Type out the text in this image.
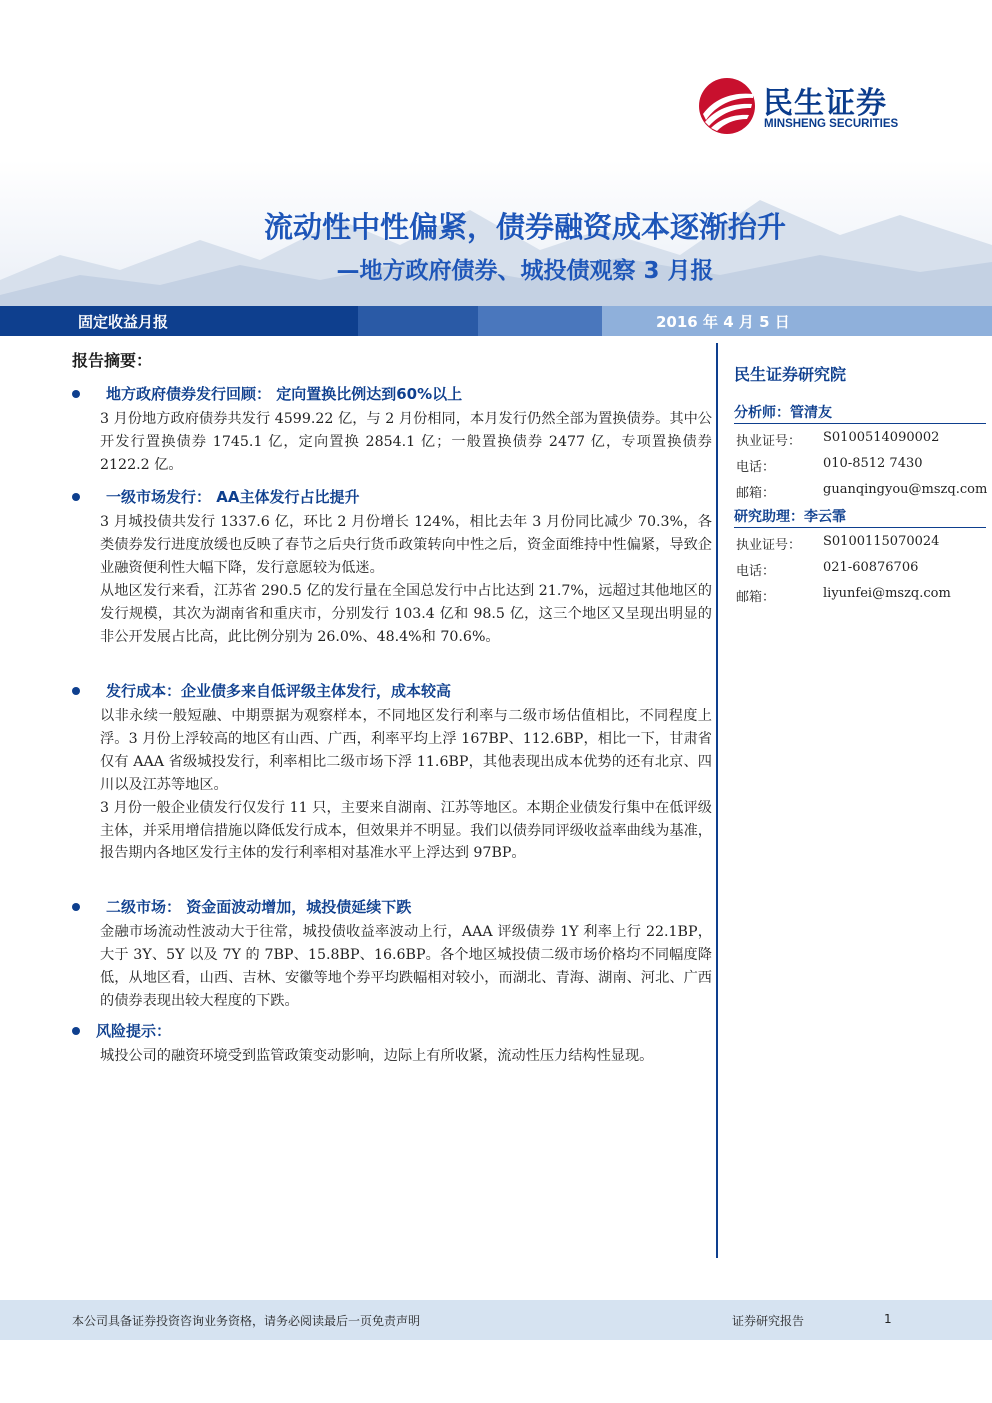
民生证券
MINSHENG SECURITIES
流动性中性偏紧，债券融资成本逐渐抬升
—地方政府债券、城投债观察 3 月报
固定收益月报	2016 年 4 月 5 日
报告摘要：
地方政府债券发行回顾： 定向置换比例达到60%以上

3 月份地方政府债券共发行 4599.22 亿，与 2 月份相同，本月发行仍然全部为置换债券。其中公开发行置换债券 1745.1 亿，定向置换 2854.1 亿；一般置换债券 2477 亿，专项置换债券 2122.2 亿。

一级市场发行： AA主体发行占比提升

3 月城投债共发行 1337.6 亿，环比 2 月份增长 124%，相比去年 3 月份同比减少 70.3%，各类债券发行进度放缓也反映了春节之后央行货币政策转向中性之后，资金面维持中性偏紧，导致企业融资便利性大幅下降，发行意愿较为低迷。

从地区发行来看，江苏省 290.5 亿的发行量在全国总发行中占比达到 21.7%，远超过其他地区的发行规模，其次为湖南省和重庆市，分别发行 103.4 亿和 98.5 亿，这三个地区又呈现出明显的非公开发展占比高，此比例分别为 26.0%、48.4%和 70.6%。

发行成本：企业债多来自低评级主体发行，成本较高

以非永续一般短融、中期票据为观察样本，不同地区发行利率与二级市场估值相比，不同程度上浮。3 月份上浮较高的地区有山西、广西，利率平均上浮 167BP、112.6BP，相比一下，甘肃省仅有 AAA 省级城投发行，利率相比二级市场下浮 11.6BP，其他表现出成本优势的还有北京、四川以及江苏等地区。

3 月份一般企业债发行仅发行 11 只，主要来自湖南、江苏等地区。本期企业债发行集中在低评级主体，并采用增信措施以降低发行成本，但效果并不明显。我们以债券同评级收益率曲线为基准，报告期内各地区发行主体的发行利率相对基准水平上浮达到 97BP。

二级市场： 资金面波动增加，城投债延续下跌

金融市场流动性波动大于往常，城投债收益率波动上行，AAA 评级债券 1Y 利率上行 22.1BP，大于 3Y、5Y 以及 7Y 的 7BP、15.8BP、16.6BP。各个地区城投债二级市场价格均不同幅度降低，从地区看，山西、吉林、安徽等地个券平均跌幅相对较小，而湖北、青海、湖南、河北、广西的债券表现出较大程度的下跌。

风险提示：

城投公司的融资环境受到监管政策变动影响，边际上有所收紧，流动性压力结构性显现。

民生证券研究院
分析师：管清友
执业证号： S0100514090002
电话：	010-8512 7430
邮箱：	guanqingyou@mszq.com
研究助理：李云霏
执业证号： S0100115070024
电话：	021-60876706
邮箱：	liyunfei@mszq.com
本公司具备证券投资咨询业务资格，请务必阅读最后一页免责声明	证券研究报告	1
